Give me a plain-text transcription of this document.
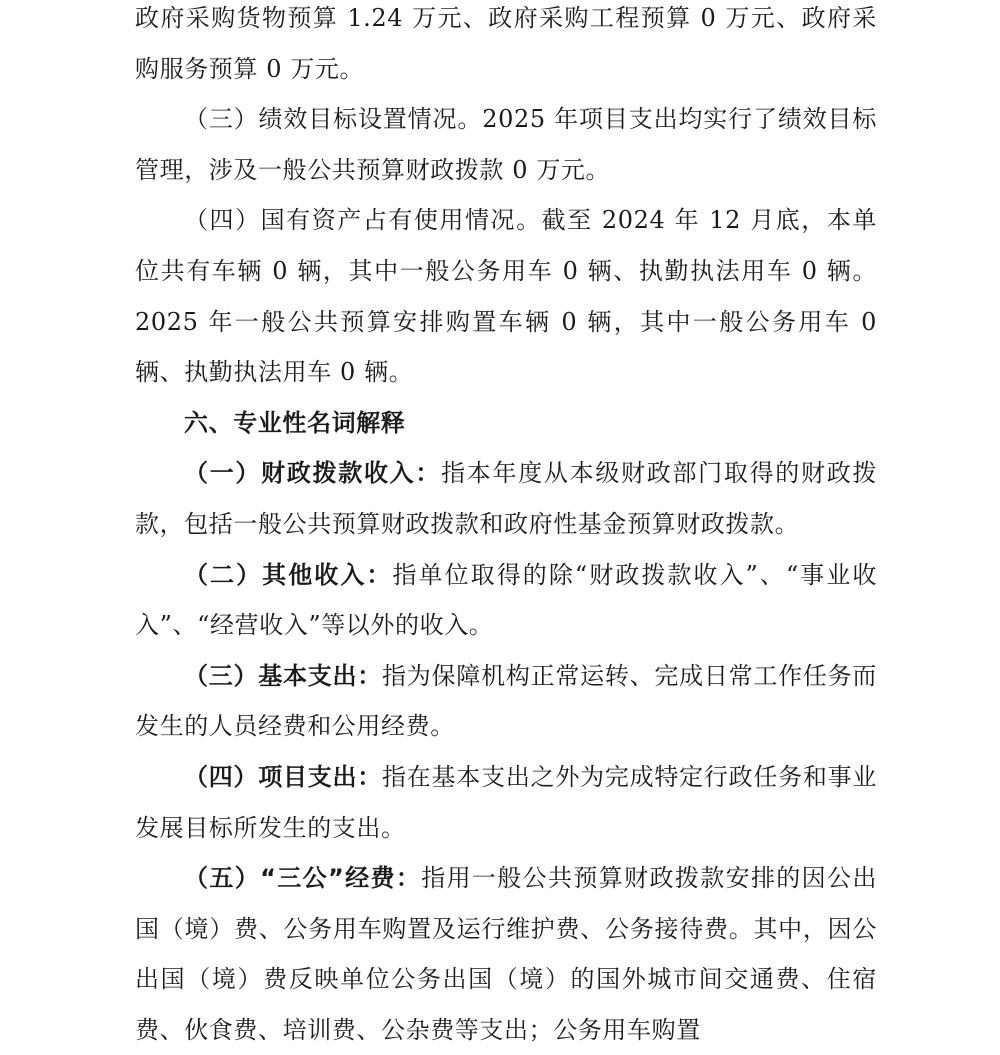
政府采购货物预算 1.24 万元、政府采购工程预算 0 万元、政府采购服务预算 0 万元。

（三）绩效目标设置情况。2025 年项目支出均实行了绩效目标管理，涉及一般公共预算财政拨款 0 万元。

（四）国有资产占有使用情况。截至 2024 年 12 月底，本单位共有车辆 0 辆，其中一般公务用车 0 辆、执勤执法用车 0 辆。2025 年一般公共预算安排购置车辆 0 辆，其中一般公务用车 0 辆、执勤执法用车 0 辆。

六、专业性名词解释

（一）财政拨款收入：指本年度从本级财政部门取得的财政拨款，包括一般公共预算财政拨款和政府性基金预算财政拨款。

（二）其他收入：指单位取得的除“财政拨款收入”、“事业收入”、“经营收入”等以外的收入。

（三）基本支出：指为保障机构正常运转、完成日常工作任务而发生的人员经费和公用经费。

（四）项目支出：指在基本支出之外为完成特定行政任务和事业发展目标所发生的支出。

（五）“三公”经费：指用一般公共预算财政拨款安排的因公出国（境）费、公务用车购置及运行维护费、公务接待费。其中，因公出国（境）费反映单位公务出国（境）的国外城市间交通费、住宿费、伙食费、培训费、公杂费等支出；公务用车购置
